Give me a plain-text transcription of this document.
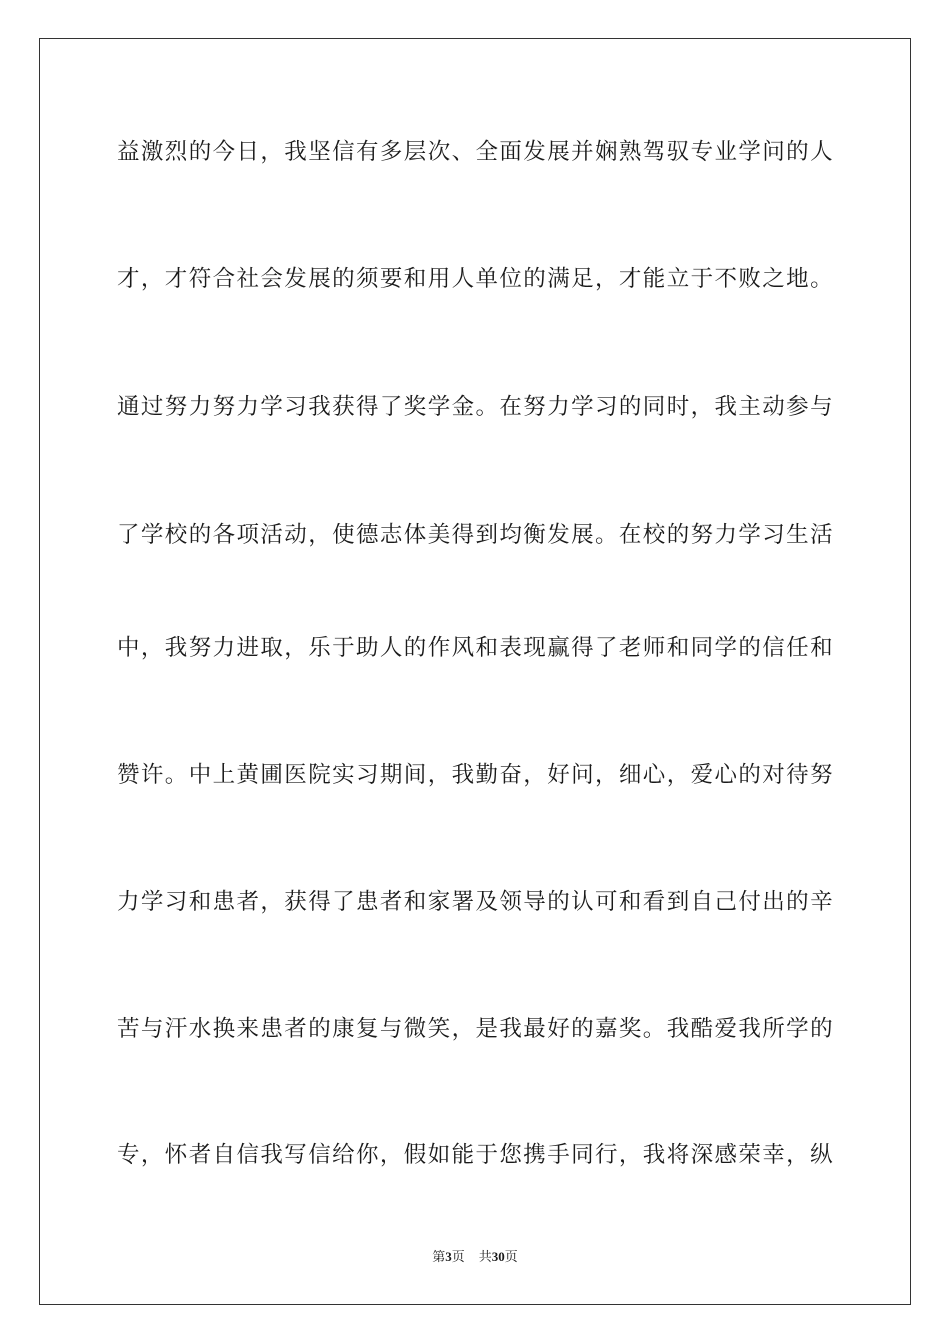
益激烈的今日，我坚信有多层次、全面发展并娴熟驾驭专业学问的人
才，才符合社会发展的须要和用人单位的满足，才能立于不败之地。
通过努力努力学习我获得了奖学金。在努力学习的同时，我主动参与
了学校的各项活动，使德志体美得到均衡发展。在校的努力学习生活
中，我努力进取，乐于助人的作风和表现赢得了老师和同学的信任和
赞许。中上黄圃医院实习期间，我勤奋，好问，细心，爱心的对待努
力学习和患者，获得了患者和家署及领导的认可和看到自己付出的辛
苦与汗水换来患者的康复与微笑，是我最好的嘉奖。我酷爱我所学的
专，怀者自信我写信给你，假如能于您携手同行，我将深感荣幸，纵
第3页 共30页
